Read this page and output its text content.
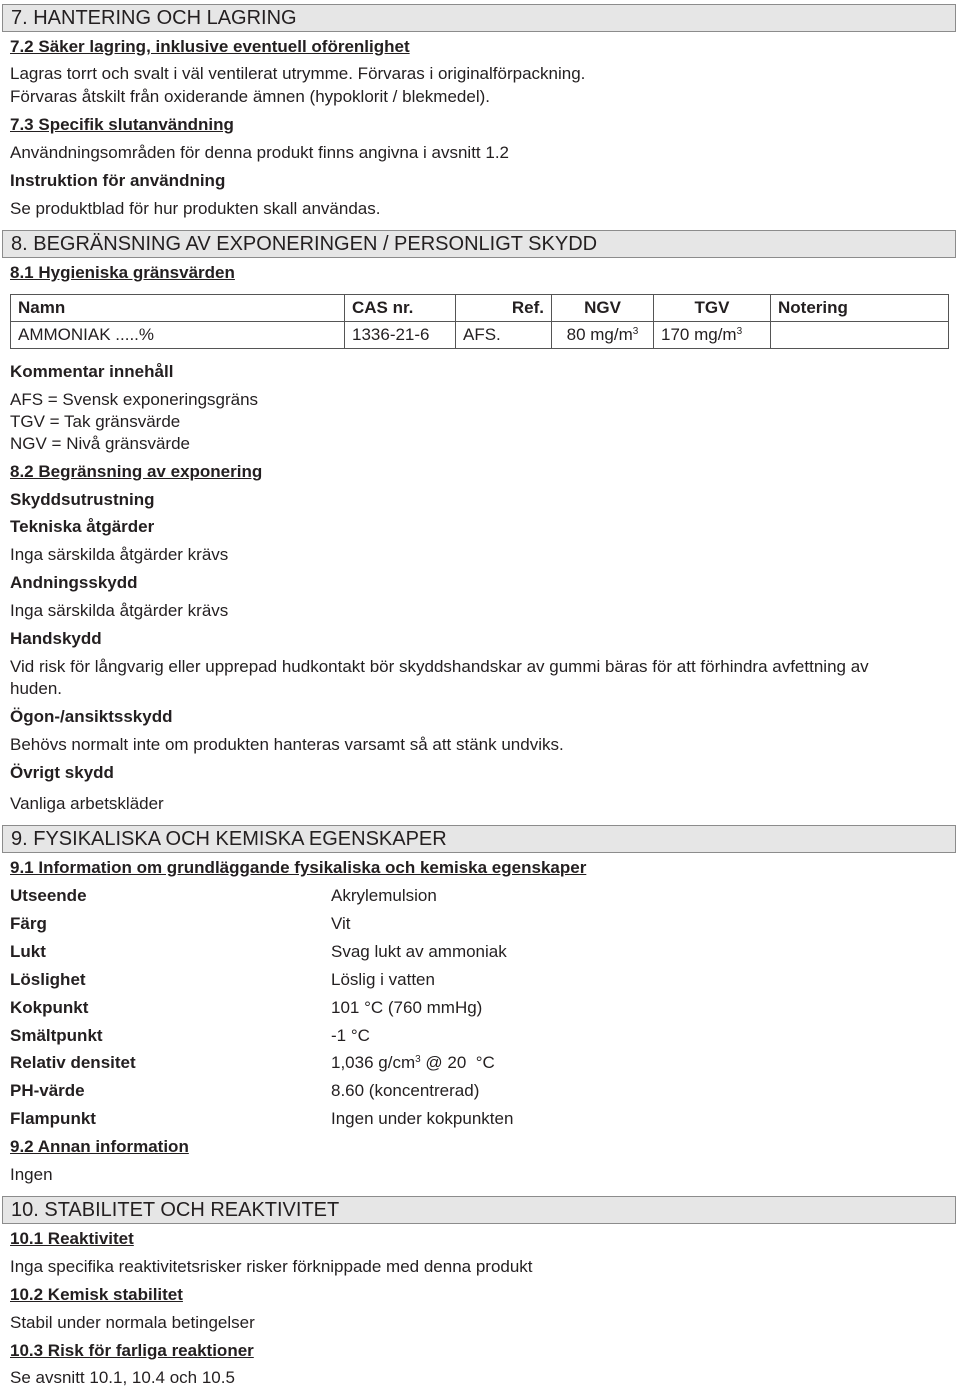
7. HANTERING OCH LAGRING
7.2 Säker lagring, inklusive eventuell oförenlighet
Lagras torrt och svalt i väl ventilerat utrymme. Förvaras i originalförpackning.
Förvaras åtskilt från oxiderande ämnen (hypoklorit / blekmedel).
7.3 Specifik slutanvändning
Användningsområden för denna produkt finns angivna i avsnitt 1.2
Instruktion för användning
Se produktblad för hur produkten skall användas.
8. BEGRÄNSNING AV EXPONERINGEN / PERSONLIGT SKYDD
8.1 Hygieniska gränsvärden
Namn	CAS nr.	Ref.	NGV	TGV	Notering
AMMONIAK .....%	1336-21-6	AFS.	80 $mg/m^3$	170 $mg/m^3$	
Kommentar innehåll
AFS = Svensk exponeringsgräns
TGV = Tak gränsvärde
NGV = Nivå gränsvärde
8.2 Begränsning av exponering
Skyddsutrustning
Tekniska åtgärder
Inga särskilda åtgärder krävs
Andningsskydd
Inga särskilda åtgärder krävs
Handskydd
Vid risk för långvarig eller upprepad hudkontakt bör skyddshandskar av gummi bäras för att förhindra avfettning av
huden.
Ögon-/ansiktsskydd
Behövs normalt inte om produkten hanteras varsamt så att stänk undviks.
Övrigt skydd
Vanliga arbetskläder
9. FYSIKALISKA OCH KEMISKA EGENSKAPER
9.1 Information om grundläggande fysikaliska och kemiska egenskaper
Utseende	Akrylemulsion
Färg	Vit
Lukt	Svag lukt av ammoniak
Löslighet	Löslig i vatten
Kokpunkt	101 °C (760 mmHg)
Smältpunkt	-1 °C
Relativ densitet	1,036 $g/cm^3$ @ 20  °C
PH-värde	8.60 (koncentrerad)
Flampunkt	Ingen under kokpunkten
9.2 Annan information
Ingen
10. STABILITET OCH REAKTIVITET
10.1 Reaktivitet
Inga specifika reaktivitetsrisker risker förknippade med denna produkt
10.2 Kemisk stabilitet
Stabil under normala betingelser
10.3 Risk för farliga reaktioner
Se avsnitt 10.1, 10.4 och 10.5
